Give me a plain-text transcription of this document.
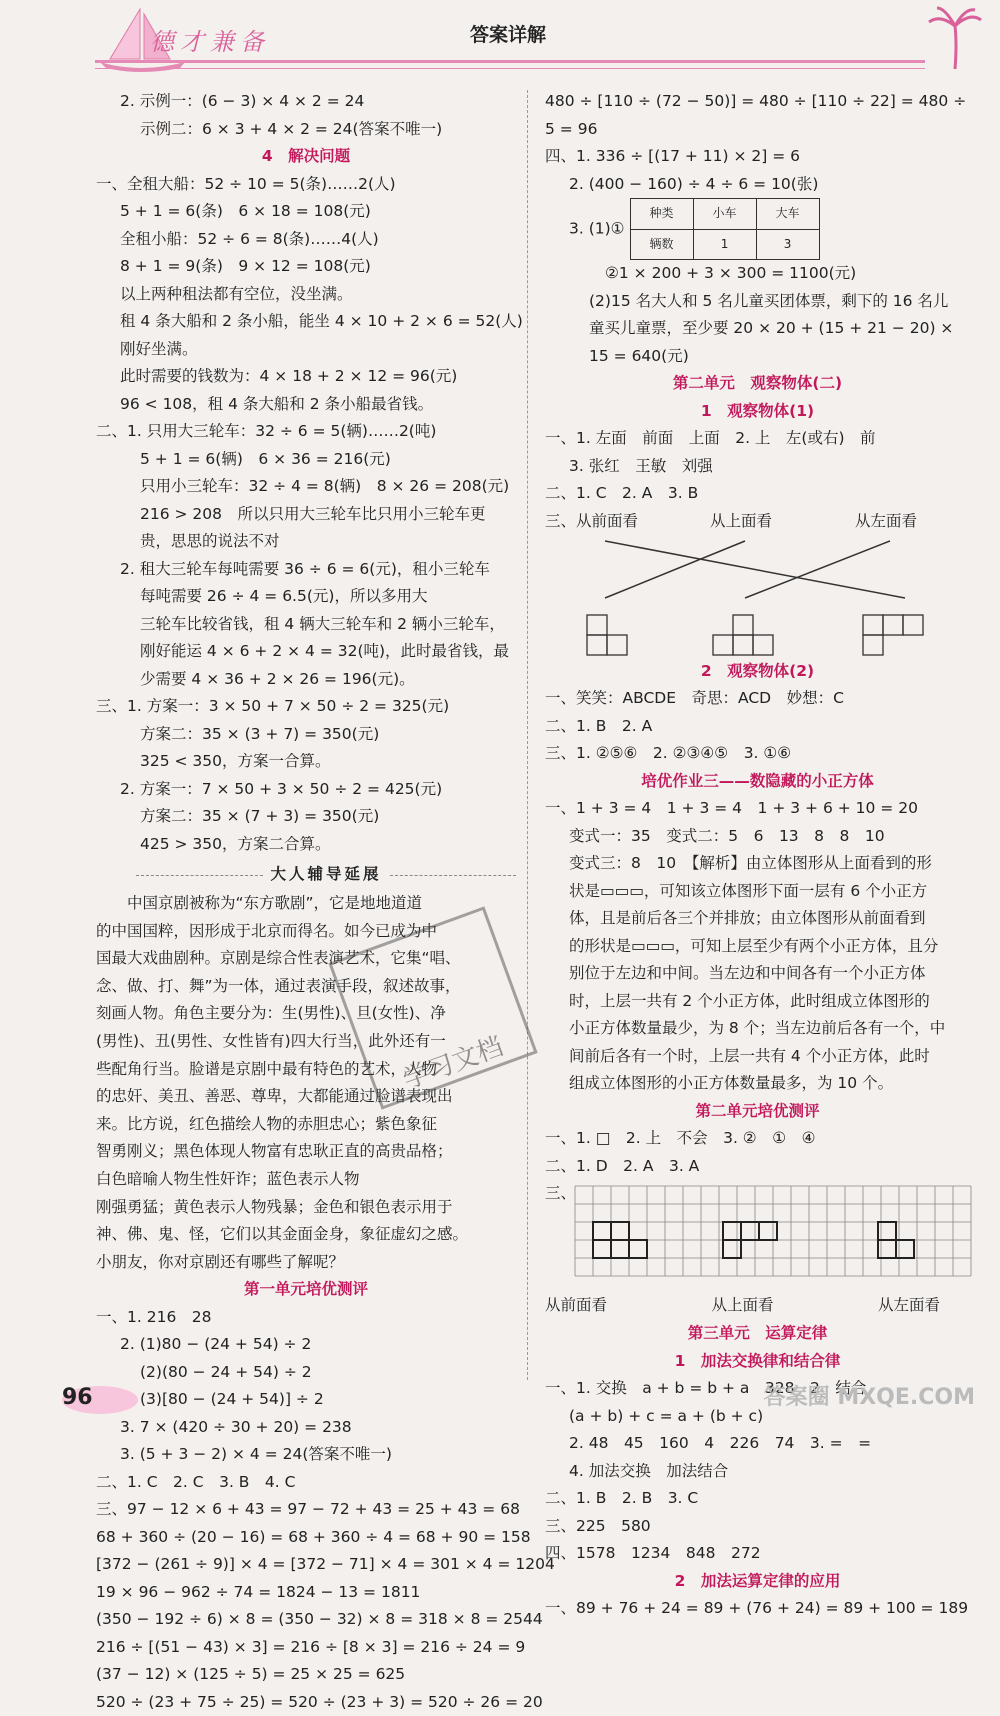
德才兼备	答案详解
2. 示例一：(6 − 3) × 4 × 2 = 24
示例二：6 × 3 + 4 × 2 = 24(答案不唯一)
4　解决问题
一、全租大船：52 ÷ 10 = 5(条)……2(人)
5 + 1 = 6(条)　6 × 18 = 108(元)
全租小船：52 ÷ 6 = 8(条)……4(人)
8 + 1 = 9(条)　9 × 12 = 108(元)
以上两种租法都有空位，没坐满。
租 4 条大船和 2 条小船，能坐 4 × 10 + 2 × 6 = 52(人)
刚好坐满。
此时需要的钱数为：4 × 18 + 2 × 12 = 96(元)
96 < 108，租 4 条大船和 2 条小船最省钱。
二、1. 只用大三轮车：32 ÷ 6 = 5(辆)……2(吨)
5 + 1 = 6(辆)　6 × 36 = 216(元)
只用小三轮车：32 ÷ 4 = 8(辆)　8 × 26 = 208(元)
216 > 208　所以只用大三轮车比只用小三轮车更
贵，思思的说法不对
2. 租大三轮车每吨需要 36 ÷ 6 = 6(元)，租小三轮车
每吨需要 26 ÷ 4 = 6.5(元)，所以多用大
三轮车比较省钱，租 4 辆大三轮车和 2 辆小三轮车，
刚好能运 4 × 6 + 2 × 4 = 32(吨)，此时最省钱，最
少需要 4 × 36 + 2 × 26 = 196(元)。
三、1. 方案一：3 × 50 + 7 × 50 ÷ 2 = 325(元)
方案二：35 × (3 + 7) = 350(元)
325 < 350，方案一合算。
2. 方案一：7 × 50 + 3 × 50 ÷ 2 = 425(元)
方案二：35 × (7 + 3) = 350(元)
425 > 350，方案二合算。
大人辅导延展
　　中国京剧被称为“东方歌剧”，它是地地道道
的中国国粹，因形成于北京而得名。如今已成为中
国最大戏曲剧种。京剧是综合性表演艺术，它集“唱、
念、做、打、舞”为一体，通过表演手段，叙述故事，
刻画人物。角色主要分为：生(男性)、旦(女性)、净
(男性)、丑(男性、女性皆有)四大行当，此外还有一
些配角行当。脸谱是京剧中最有特色的艺术，人物
的忠奸、美丑、善恶、尊卑，大都能通过脸谱表现出
来。比方说，红色描绘人物的赤胆忠心；紫色象征
智勇刚义；黑色体现人物富有忠耿正直的高贵品格；
白色暗喻人物生性奸诈；蓝色表示人物
刚强勇猛；黄色表示人物残暴；金色和银色表示用于
神、佛、鬼、怪，它们以其金面金身，象征虚幻之感。
小朋友，你对京剧还有哪些了解呢？
第一单元培优测评
一、1. 216　28
2. (1)80 − (24 + 54) ÷ 2
(2)(80 − 24 + 54) ÷ 2
(3)[80 − (24 + 54)] ÷ 2
3. 7 × (420 ÷ 30 + 20) = 238
3. (5 + 3 − 2) × 4 = 24(答案不唯一)
二、1. C　2. C　3. B　4. C
三、97 − 12 × 6 + 43 = 97 − 72 + 43 = 25 + 43 = 68
68 + 360 ÷ (20 − 16) = 68 + 360 ÷ 4 = 68 + 90 = 158
[372 − (261 ÷ 9)] × 4 = [372 − 71] × 4 = 301 × 4 = 1204
19 × 96 − 962 ÷ 74 = 1824 − 13 = 1811
(350 − 192 ÷ 6) × 8 = (350 − 32) × 8 = 318 × 8 = 2544
216 ÷ [(51 − 43) × 3] = 216 ÷ [8 × 3] = 216 ÷ 24 = 9
(37 − 12) × (125 ÷ 5) = 25 × 25 = 625
520 ÷ (23 + 75 ÷ 25) = 520 ÷ (23 + 3) = 520 ÷ 26 = 20
480 ÷ [110 ÷ (72 − 50)] = 480 ÷ [110 ÷ 22] = 480 ÷
5 = 96
四、1. 336 ÷ [(17 + 11) × 2] = 6
2. (400 − 160) ÷ 4 ÷ 6 = 10(张)
3. (1)① 种类	小车	大车
辆数	1	3
②1 × 200 + 3 × 300 = 1100(元)
(2)15 名大人和 5 名儿童买团体票，剩下的 16 名儿
童买儿童票，至少要 20 × 20 + (15 + 21 − 20) ×
15 = 640(元)
第二单元　观察物体(二)
1　观察物体(1)
一、1. 左面　前面　上面　2. 上　左(或右)　前
3. 张红　王敏　刘强
二、1. C　2. A　3. B
三、从前面看	从上面看	从左面看
2　观察物体(2)
一、笑笑：ABCDE　奇思：ACD　妙想：C
二、1. B　2. A
三、1. ②⑤⑥　2. ②③④⑤　3. ①⑥
培优作业三——数隐藏的小正方体
一、1 + 3 = 4　1 + 3 = 4　1 + 3 + 6 + 10 = 20
变式一：35　变式二：5　6　13　8　8　10
变式三：8　10　【解析】由立体图形从上面看到的形
状是▭▭▭，可知该立体图形下面一层有 6 个小正方
体，且是前后各三个并排放；由立体图形从前面看到
的形状是▭▭▭，可知上层至少有两个小正方体，且分
别位于左边和中间。当左边和中间各有一个小正方体
时，上层一共有 2 个小正方体，此时组成立体图形的
小正方体数量最少，为 8 个；当左边前后各有一个，中
间前后各有一个时，上层一共有 4 个小正方体，此时
组成立体图形的小正方体数量最多，为 10 个。
第二单元培优测评
一、1. □　2. 上　不会　3. ②　①　④
二、1. D　2. A　3. A
三、
从前面看	从上面看	从左面看
第三单元　运算定律
1　加法交换律和结合律
一、1. 交换　a + b = b + a　328　2　结合
(a + b) + c = a + (b + c)
2. 48　45　160　4　226　74　3. =　=
4. 加法交换　加法结合
二、1. B　2. B　3. C
三、225　580
四、1578　1234　848　272
2　加法运算定律的应用
一、89 + 76 + 24 = 89 + (76 + 24) = 89 + 100 = 189
学习文档
96	答案圈 MXQE.COM
